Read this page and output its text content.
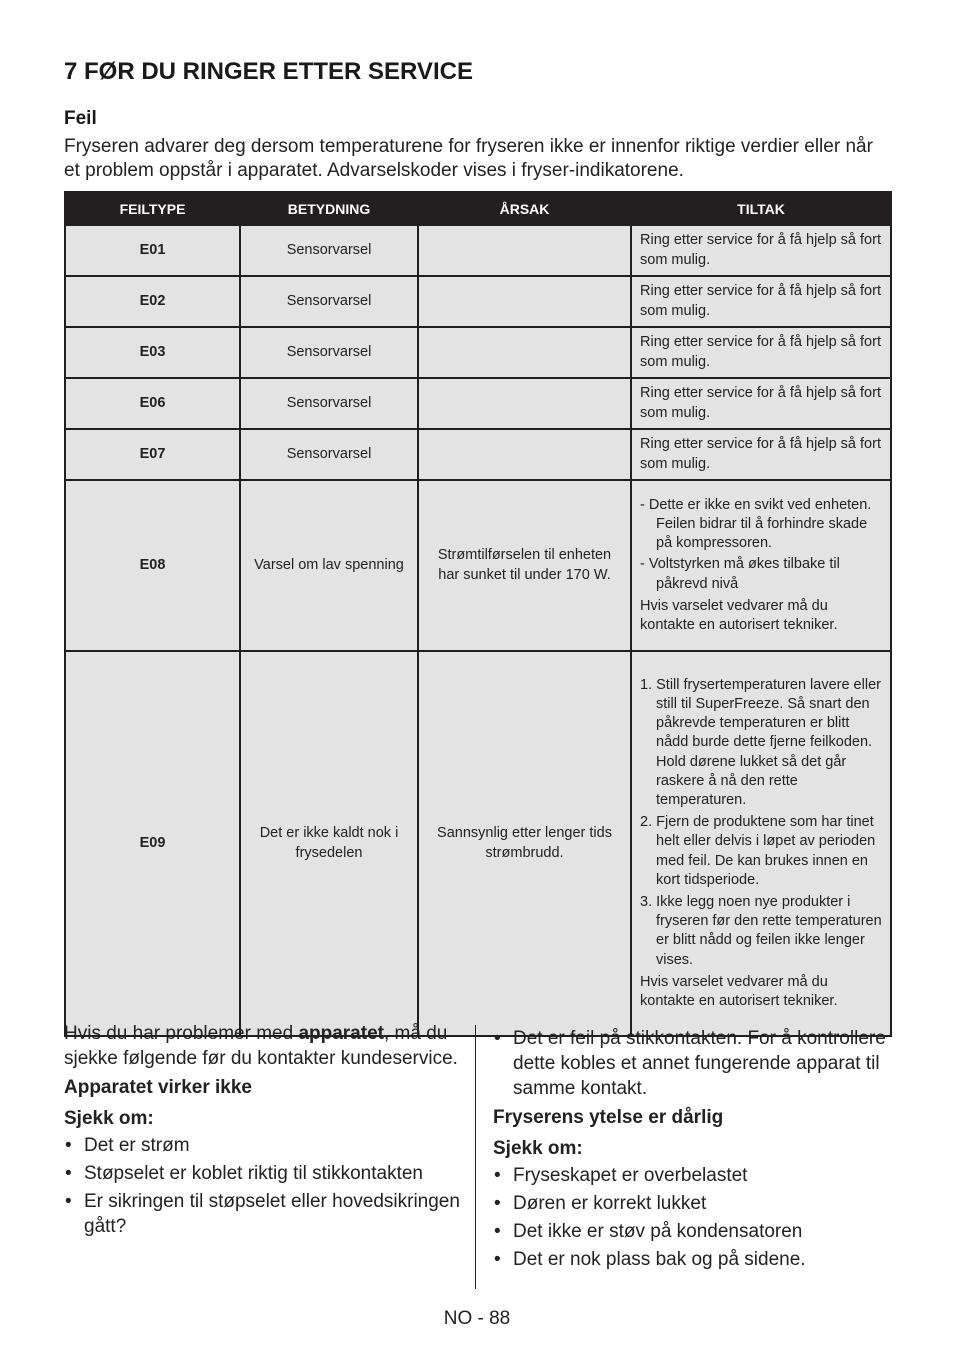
7 FØR DU RINGER ETTER SERVICE
Feil
Fryseren advarer deg dersom temperaturene for fryseren ikke er innenfor riktige verdier eller når et problem oppstår i apparatet. Advarselskoder vises i fryser-indikatorene.
FEILTYPE	BETYDNING	ÅRSAK	TILTAK
E01	Sensorvarsel		Ring etter service for å få hjelp så fort som mulig.
E02	Sensorvarsel		Ring etter service for å få hjelp så fort som mulig.
E03	Sensorvarsel		Ring etter service for å få hjelp så fort som mulig.
E06	Sensorvarsel		Ring etter service for å få hjelp så fort som mulig.
E07	Sensorvarsel		Ring etter service for å få hjelp så fort som mulig.
E08	Varsel om lav spenning	Strømtilførselen til enheten har sunket til under 170 W.	- Dette er ikke en svikt ved enheten. Feilen bidrar til å forhindre skade på kompressoren.
- Voltstyrken må økes tilbake til påkrevd nivå
Hvis varselet vedvarer må du kontakte en autorisert tekniker.

E09	Det er ikke kaldt nok i frysedelen	Sannsynlig etter lenger tids strømbrudd.	1. Still frysertemperaturen lavere eller still til SuperFreeze. Så snart den påkrevde temperaturen er blitt nådd burde dette fjerne feilkoden. Hold dørene lukket så det går raskere å nå den rette temperaturen.
2. Fjern de produktene som har tinet helt eller delvis i løpet av perioden med feil. De kan brukes innen en kort tidsperiode.
3. Ikke legg noen nye produkter i fryseren før den rette temperaturen er blitt nådd og feilen ikke lenger vises.
Hvis varselet vedvarer må du kontakte en autorisert tekniker.

Hvis du har problemer med apparatet, må du sjekke følgende før du kontakter kundeservice.

Apparatet virker ikke

Sjekk om:

• Det er strøm
• Støpselet er koblet riktig til stikkontakten
• Er sikringen til støpselet eller hovedsikringen gått?
• Det er feil på stikkontakten. For å kontrollere dette kobles et annet fungerende apparat til samme kontakt.

Fryserens ytelse er dårlig

Sjekk om:

• Fryseskapet er overbelastet
• Døren er korrekt lukket
• Det ikke er støv på kondensatoren
• Det er nok plass bak og på sidene.
NO - 88
